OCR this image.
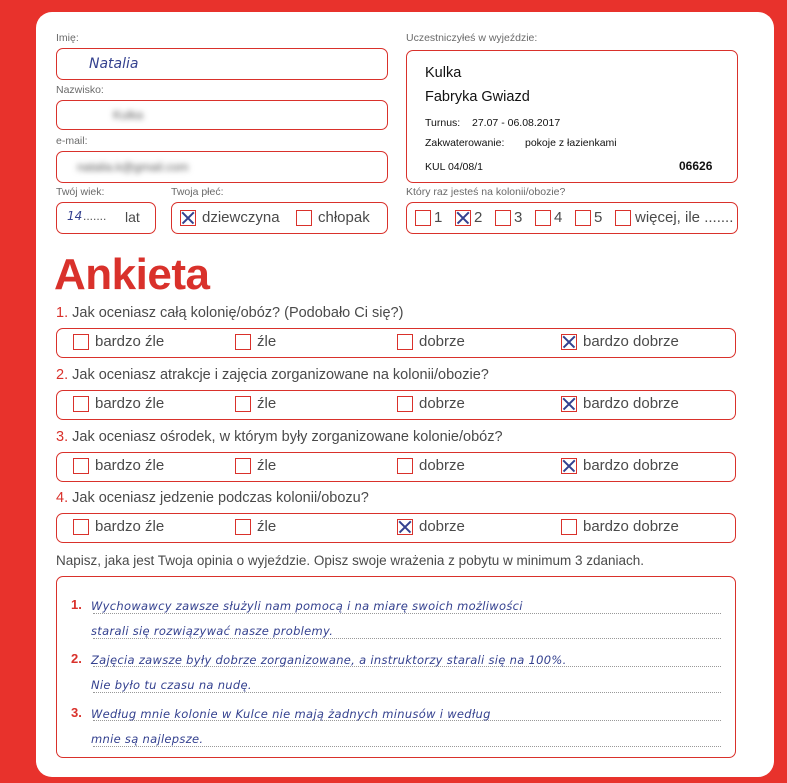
Imię:
Natalia
Nazwisko:
Kulka
e-mail:
natalia.k@gmail.com
Twój wiek:
14 ....... lat
Twoja płeć:
dziewczyna	chłopak
Uczestniczyłeś w wyjeździe:
Kulka
Fabryka Gwiazd
Turnus: 27.07 - 06.08.2017
Zakwaterowanie: pokoje z łazienkami
KUL 04/08/1	06626
Który raz jesteś na kolonii/obozie?
1 2 3 4 5 więcej, ile .......
Ankieta
1. Jak oceniasz całą kolonię/obóz? (Podobało Ci się?)
bardzo źle	źle	dobrze	bardzo dobrze
2. Jak oceniasz atrakcje i zajęcia zorganizowane na kolonii/obozie?
bardzo źle	źle	dobrze	bardzo dobrze
3. Jak oceniasz ośrodek, w którym były zorganizowane kolonie/obóz?
bardzo źle	źle	dobrze	bardzo dobrze
4. Jak oceniasz jedzenie podczas kolonii/obozu?
bardzo źle	źle	dobrze	bardzo dobrze
Napisz, jaka jest Twoja opinia o wyjeździe. Opisz swoje wrażenia z pobytu w minimum 3 zdaniach.
1. Wychowawcy zawsze służyli nam pomocą i na miarę swoich możliwości
starali się rozwiązywać nasze problemy.
2. Zajęcia zawsze były dobrze zorganizowane, a instruktorzy starali się na 100%.
Nie było tu czasu na nudę.
3. Według mnie kolonie w Kulce nie mają żadnych minusów i według
mnie są najlepsze.
